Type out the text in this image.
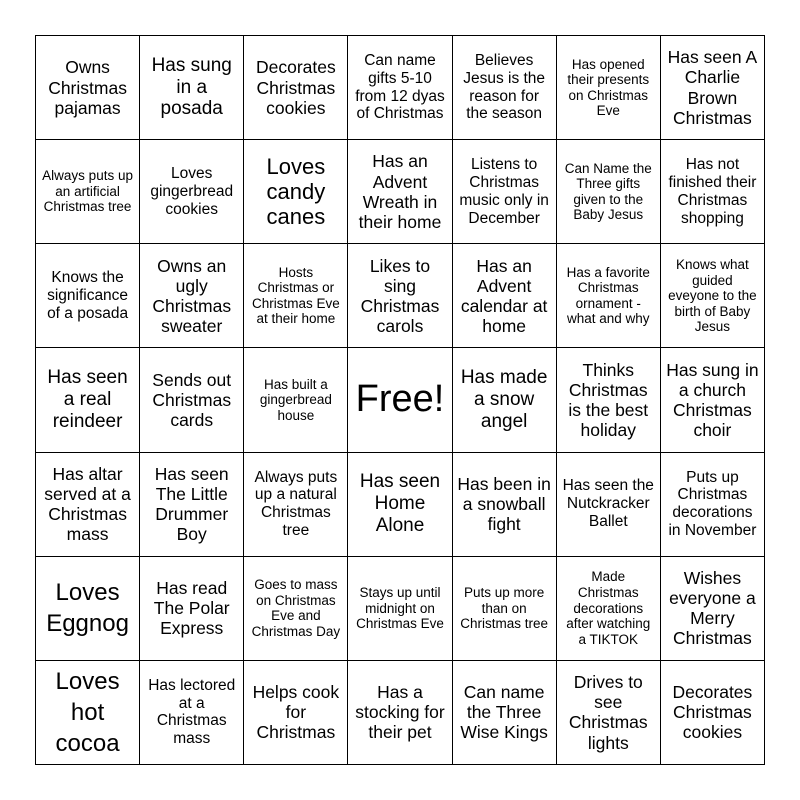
Owns Christmas pajamas
Has sung in a posada
Decorates Christmas cookies
Can name gifts 5-10 from 12 dyas of Christmas
Believes Jesus is the reason for the season
Has opened their presents on Christmas Eve
Has seen A Charlie Brown Christmas
Always puts up an artificial Christmas tree
Loves gingerbread cookies
Loves candy canes
Has an Advent Wreath in their home
Listens to Christmas music only in December
Can Name the Three gifts given to the Baby Jesus
Has not finished their Christmas shopping
Knows the significance of a posada
Owns an ugly Christmas sweater
Hosts Christmas or Christmas Eve at their home
Likes to sing Christmas carols
Has an Advent calendar at home
Has a favorite Christmas ornament - what and why
Knows what guided eveyone to the birth of Baby Jesus
Has seen a real reindeer
Sends out Christmas cards
Has built a gingerbread house	Free!
Has made a snow angel
Thinks Christmas is the best holiday
Has sung in a church Christmas choir
Has altar served at a Christmas mass
Has seen The Little Drummer Boy
Always puts up a natural Christmas tree
Has seen Home Alone
Has been in a snowball fight
Has seen the Nutckracker Ballet
Puts up Christmas decorations in November
Loves Eggnog
Has read The Polar Express
Goes to mass on Christmas Eve and Christmas Day
Stays up until midnight on Christmas Eve
Puts up more than on Christmas tree
Made Christmas decorations after watching a TIKTOK
Wishes everyone a Merry Christmas
Loves hot cocoa
Has lectored at a Christmas mass
Helps cook for Christmas
Has a stocking for their pet
Can name the Three Wise Kings
Drives to see Christmas lights
Decorates Christmas cookies
